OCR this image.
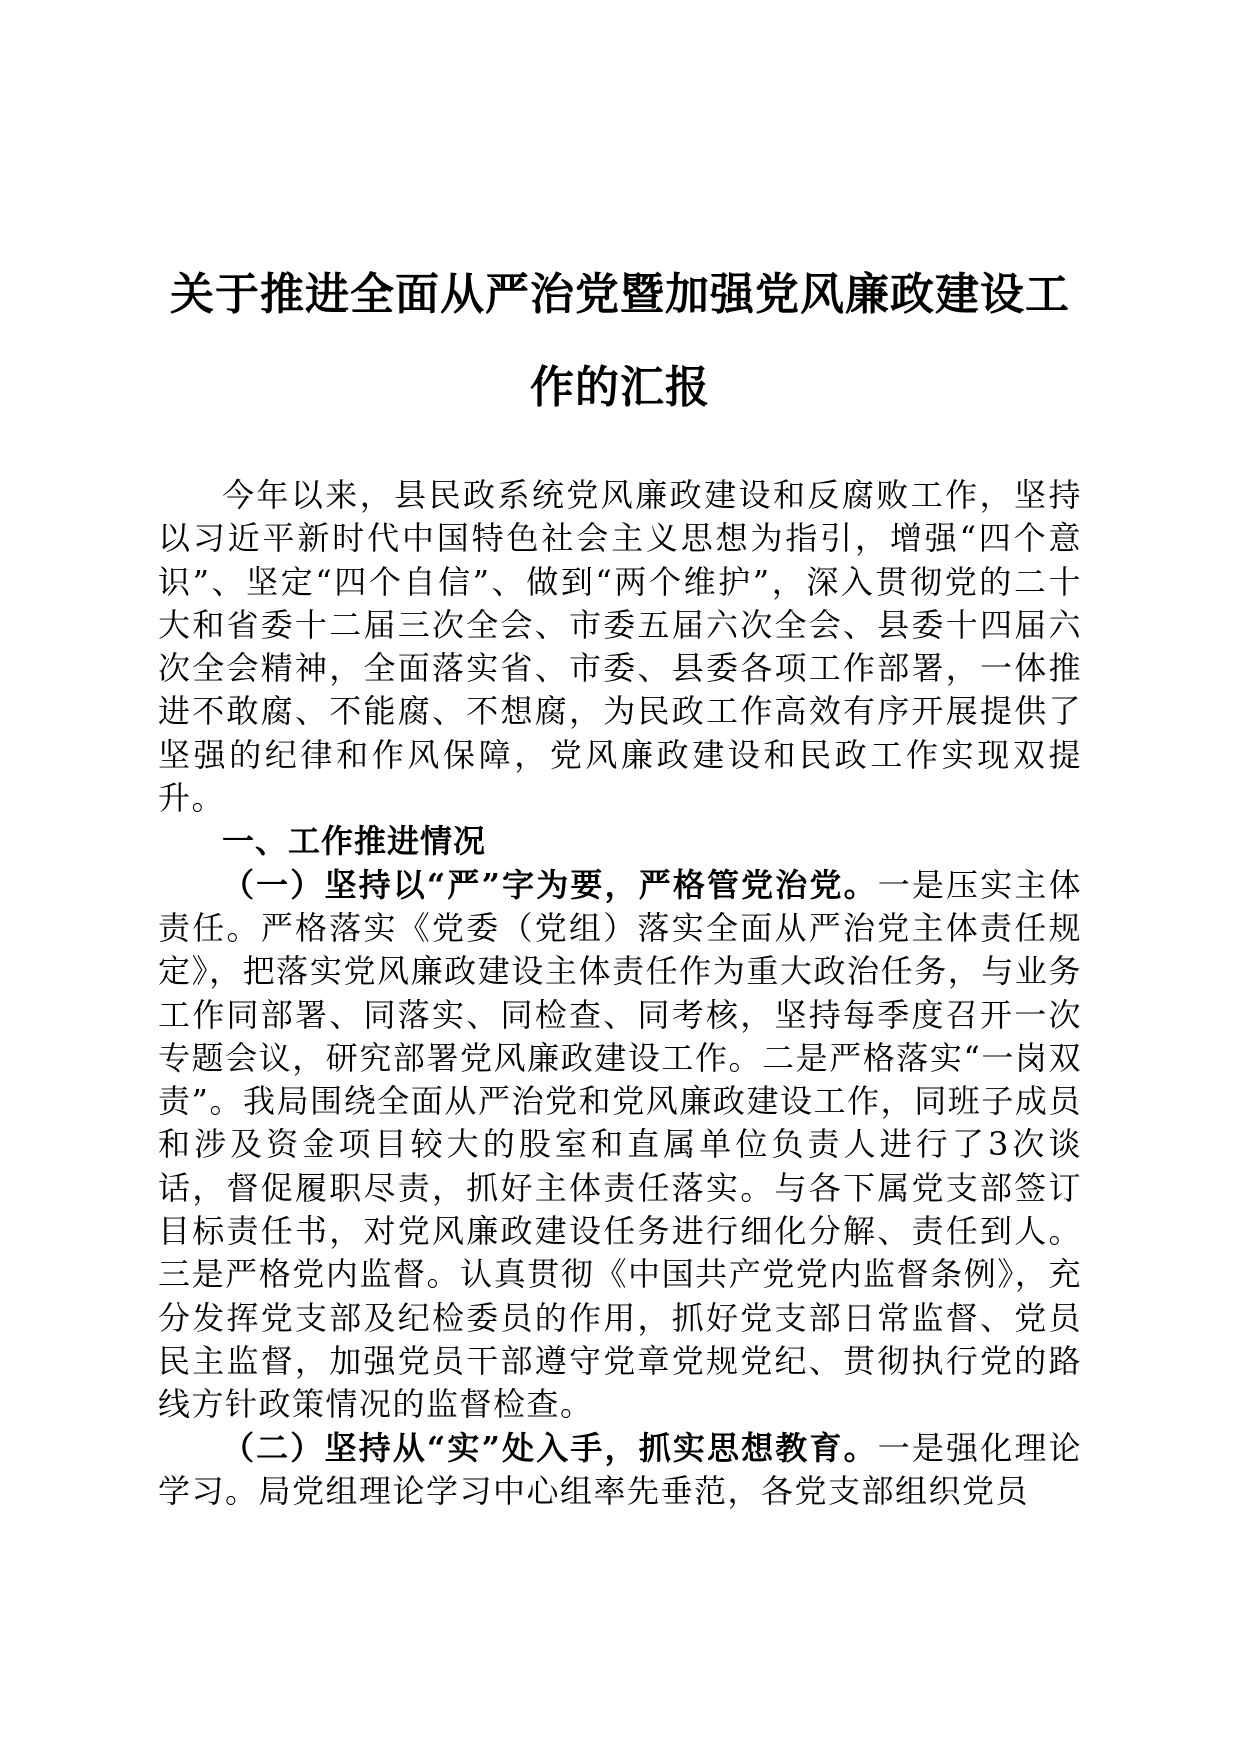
关于推进全面从严治党暨加强党风廉政建设工作的汇报

今年以来，县民政系统党风廉政建设和反腐败工作，坚持以习近平新时代中国特色社会主义思想为指引，增强“四个意识”、坚定“四个自信”、做到“两个维护”，深入贯彻党的二十大和省委十二届三次全会、市委五届六次全会、县委十四届六次全会精神，全面落实省、市委、县委各项工作部署，一体推进不敢腐、不能腐、不想腐，为民政工作高效有序开展提供了坚强的纪律和作风保障，党风廉政建设和民政工作实现双提升。

一、工作推进情况

（一）坚持以“严”字为要，严格管党治党。一是压实主体责任。严格落实《党委（党组）落实全面从严治党主体责任规定》，把落实党风廉政建设主体责任作为重大政治任务，与业务工作同部署、同落实、同检查、同考核，坚持每季度召开一次专题会议，研究部署党风廉政建设工作。二是严格落实“一岗双责”。我局围绕全面从严治党和党风廉政建设工作，同班子成员和涉及资金项目较大的股室和直属单位负责人进行了3次谈话，督促履职尽责，抓好主体责任落实。与各下属党支部签订目标责任书，对党风廉政建设任务进行细化分解、责任到人。三是严格党内监督。认真贯彻《中国共产党党内监督条例》，充分发挥党支部及纪检委员的作用，抓好党支部日常监督、党员民主监督，加强党员干部遵守党章党规党纪、贯彻执行党的路线方针政策情况的监督检查。

（二）坚持从“实”处入手，抓实思想教育。一是强化理论学习。局党组理论学习中心组率先垂范，各党支部组织党员
